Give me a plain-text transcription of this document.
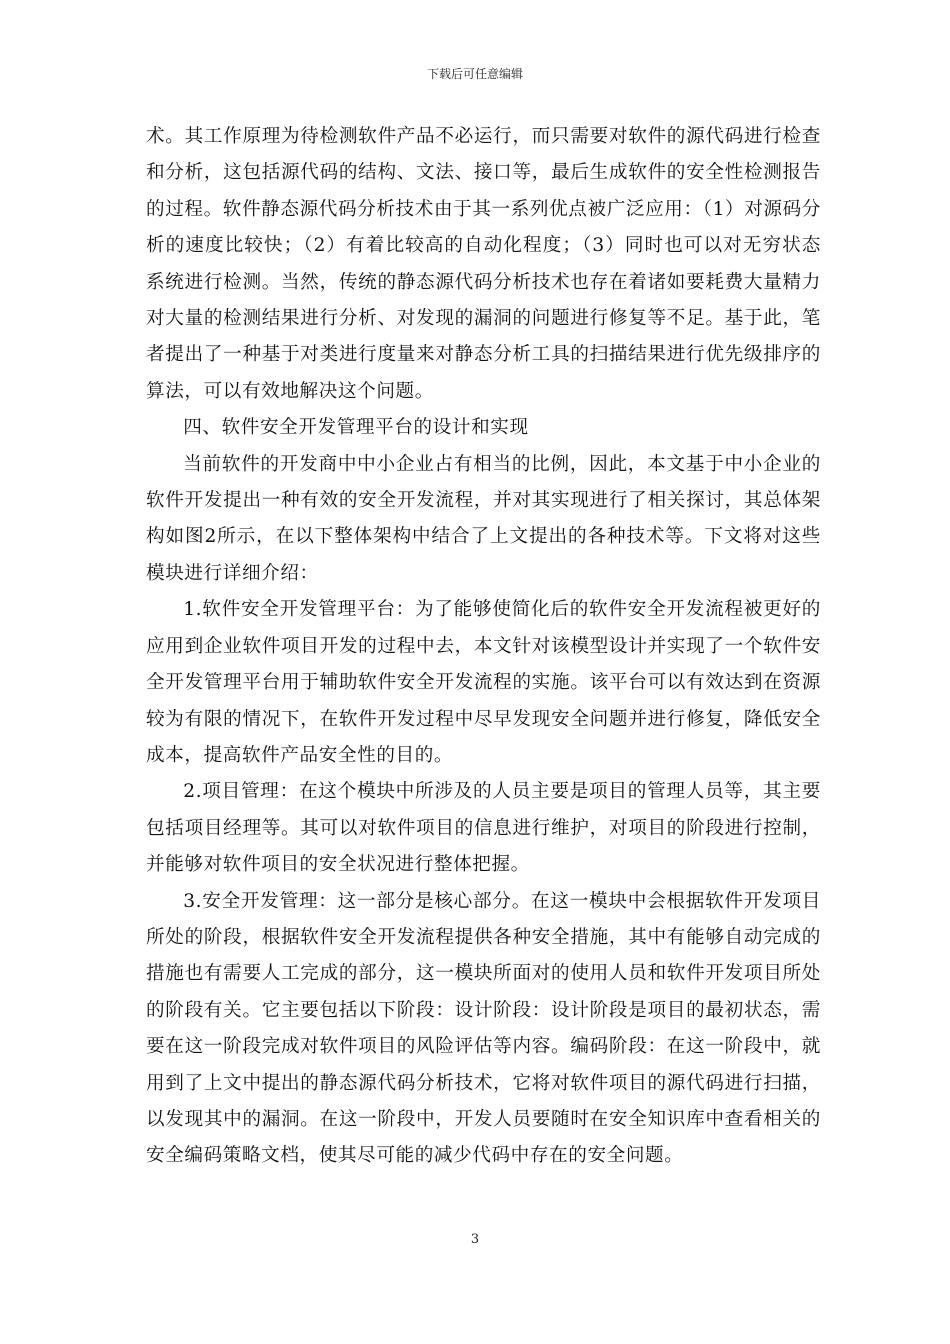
下载后可任意编辑

术。其工作原理为待检测软件产品不必运行，而只需要对软件的源代码进行检查和分析，这包括源代码的结构、文法、接口等，最后生成软件的安全性检测报告的过程。软件静态源代码分析技术由于其一系列优点被广泛应用：（1）对源码分析的速度比较快；（2）有着比较高的自动化程度；（3）同时也可以对无穷状态系统进行检测。当然，传统的静态源代码分析技术也存在着诸如要耗费大量精力对大量的检测结果进行分析、对发现的漏洞的问题进行修复等不足。基于此，笔者提出了一种基于对类进行度量来对静态分析工具的扫描结果进行优先级排序的算法，可以有效地解决这个问题。

四、软件安全开发管理平台的设计和实现

当前软件的开发商中中小企业占有相当的比例，因此，本文基于中小企业的软件开发提出一种有效的安全开发流程，并对其实现进行了相关探讨，其总体架构如图2所示，在以下整体架构中结合了上文提出的各种技术等。下文将对这些模块进行详细介绍：

1.软件安全开发管理平台：为了能够使简化后的软件安全开发流程被更好的应用到企业软件项目开发的过程中去，本文针对该模型设计并实现了一个软件安全开发管理平台用于辅助软件安全开发流程的实施。该平台可以有效达到在资源较为有限的情况下，在软件开发过程中尽早发现安全问题并进行修复，降低安全成本，提高软件产品安全性的目的。

2.项目管理：在这个模块中所涉及的人员主要是项目的管理人员等，其主要包括项目经理等。其可以对软件项目的信息进行维护，对项目的阶段进行控制，并能够对软件项目的安全状况进行整体把握。

3.安全开发管理：这一部分是核心部分。在这一模块中会根据软件开发项目所处的阶段，根据软件安全开发流程提供各种安全措施，其中有能够自动完成的措施也有需要人工完成的部分，这一模块所面对的使用人员和软件开发项目所处的阶段有关。它主要包括以下阶段：设计阶段：设计阶段是项目的最初状态，需要在这一阶段完成对软件项目的风险评估等内容。编码阶段：在这一阶段中，就用到了上文中提出的静态源代码分析技术，它将对软件项目的源代码进行扫描，以发现其中的漏洞。在这一阶段中，开发人员要随时在安全知识库中查看相关的安全编码策略文档，使其尽可能的减少代码中存在的安全问题。

3
